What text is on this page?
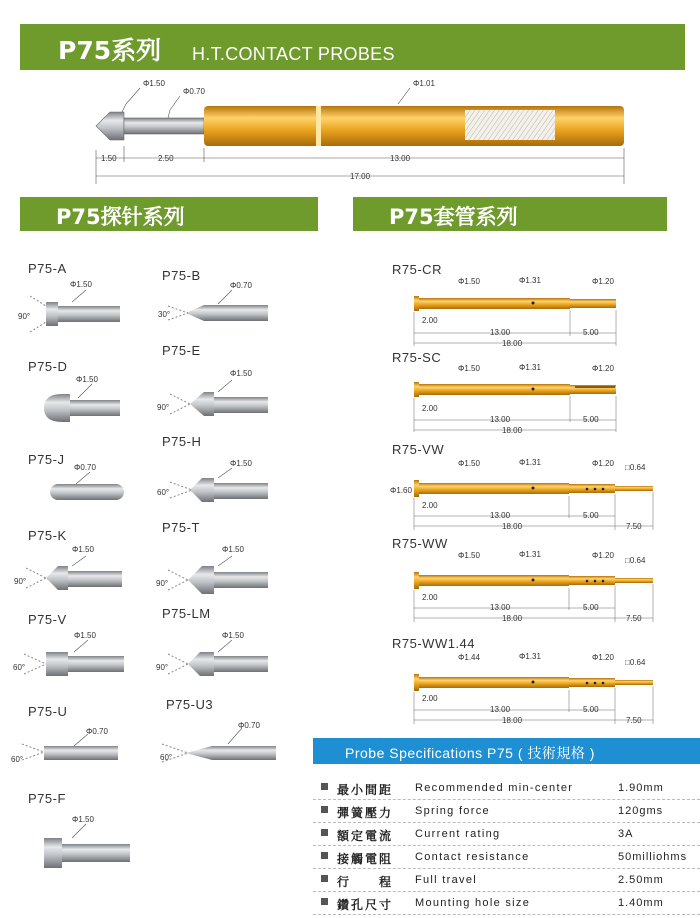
P75系列 H.T.CONTACT PROBES
P75探针系列	P75套管系列
Φ1.50
Φ0.70
Φ1.01
1.50	2.50	13.00
17.00
Φ1.50
90°
Φ0.70
30°
Φ1.50
Φ1.50
90°
Φ1.50
60°
Φ0.70
Φ1.50
90°
Φ1.50
90°
Φ1.50
60°
Φ1.50
90°
Φ0.70
60°
Φ0.70
60°
Φ1.50
Φ1.50	Φ1.31	Φ1.20
2.00
13.00	5.00
18.00
Φ1.50	Φ1.31	Φ1.20
2.00
13.00	5.00
18.00
Φ1.50	Φ1.31	Φ1.20 □0.64
Φ1.60
2.00
13.00	5.00
18.00	7.50
Φ1.50	Φ1.31	Φ1.20
□0.64
2.00
13.00	5.00
18.00	7.50
Φ1.44	Φ1.31	Φ1.20
□0.64
2.00
13.00	5.00
18.00	7.50
P75-A	P75-B
P75-D
P75-E
P75-H
P75-J
P75-K
P75-T
P75-V	P75-LM
P75-U	P75-U3
P75-F
R75-CR
R75-SC
R75-VW
R75-WW
R75-WW1.44
Probe Specifications P75 ( 技術規格 )
最小間距 Recommended min-center	1.90mm
彈簧壓力 Spring force	120gms
額定電流 Current rating	3A
接觸電阻 Contact resistance	50milliohms
行　　程 Full travel	2.50mm
鑽孔尺寸 Mounting hole size	1.40mm
